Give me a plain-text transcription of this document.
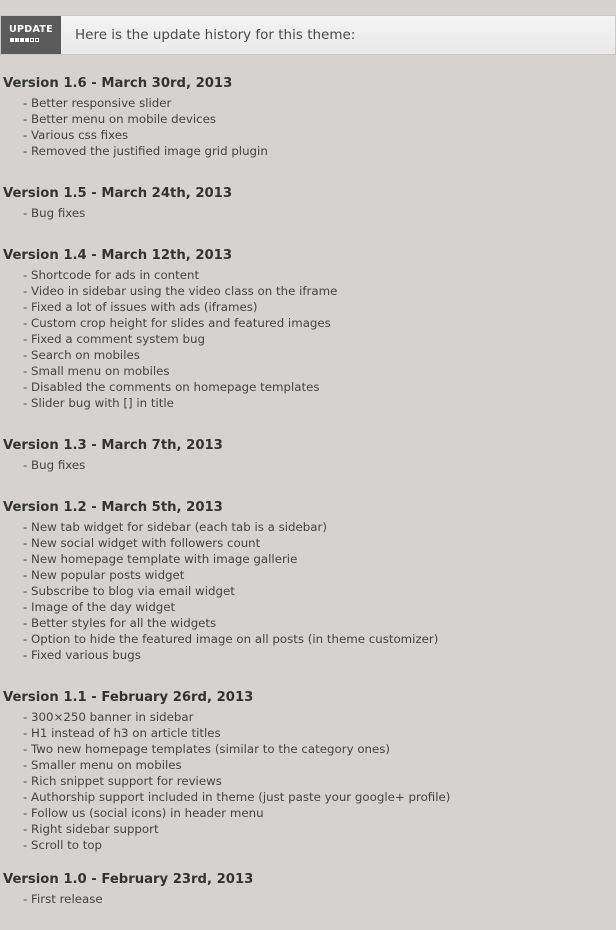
UPDATE	Here is the update history for this theme:
Version 1.6 - March 30rd, 2013
- Better responsive slider
- Better menu on mobile devices
- Various css fixes
- Removed the justified image grid plugin
Version 1.5 - March 24th, 2013
- Bug fixes
Version 1.4 - March 12th, 2013
- Shortcode for ads in content
- Video in sidebar using the video class on the iframe
- Fixed a lot of issues with ads (iframes)
- Custom crop height for slides and featured images
- Fixed a comment system bug
- Search on mobiles
- Small menu on mobiles
- Disabled the comments on homepage templates
- Slider bug with [] in title
Version 1.3 - March 7th, 2013
- Bug fixes
Version 1.2 - March 5th, 2013
- New tab widget for sidebar (each tab is a sidebar)
- New social widget with followers count
- New homepage template with image gallerie
- New popular posts widget
- Subscribe to blog via email widget
- Image of the day widget
- Better styles for all the widgets
- Option to hide the featured image on all posts (in theme customizer)
- Fixed various bugs
Version 1.1 - February 26rd, 2013
- 300×250 banner in sidebar
- H1 instead of h3 on article titles
- Two new homepage templates (similar to the category ones)
- Smaller menu on mobiles
- Rich snippet support for reviews
- Authorship support included in theme (just paste your google+ profile)
- Follow us (social icons) in header menu
- Right sidebar support
- Scroll to top
Version 1.0 - February 23rd, 2013
- First release
